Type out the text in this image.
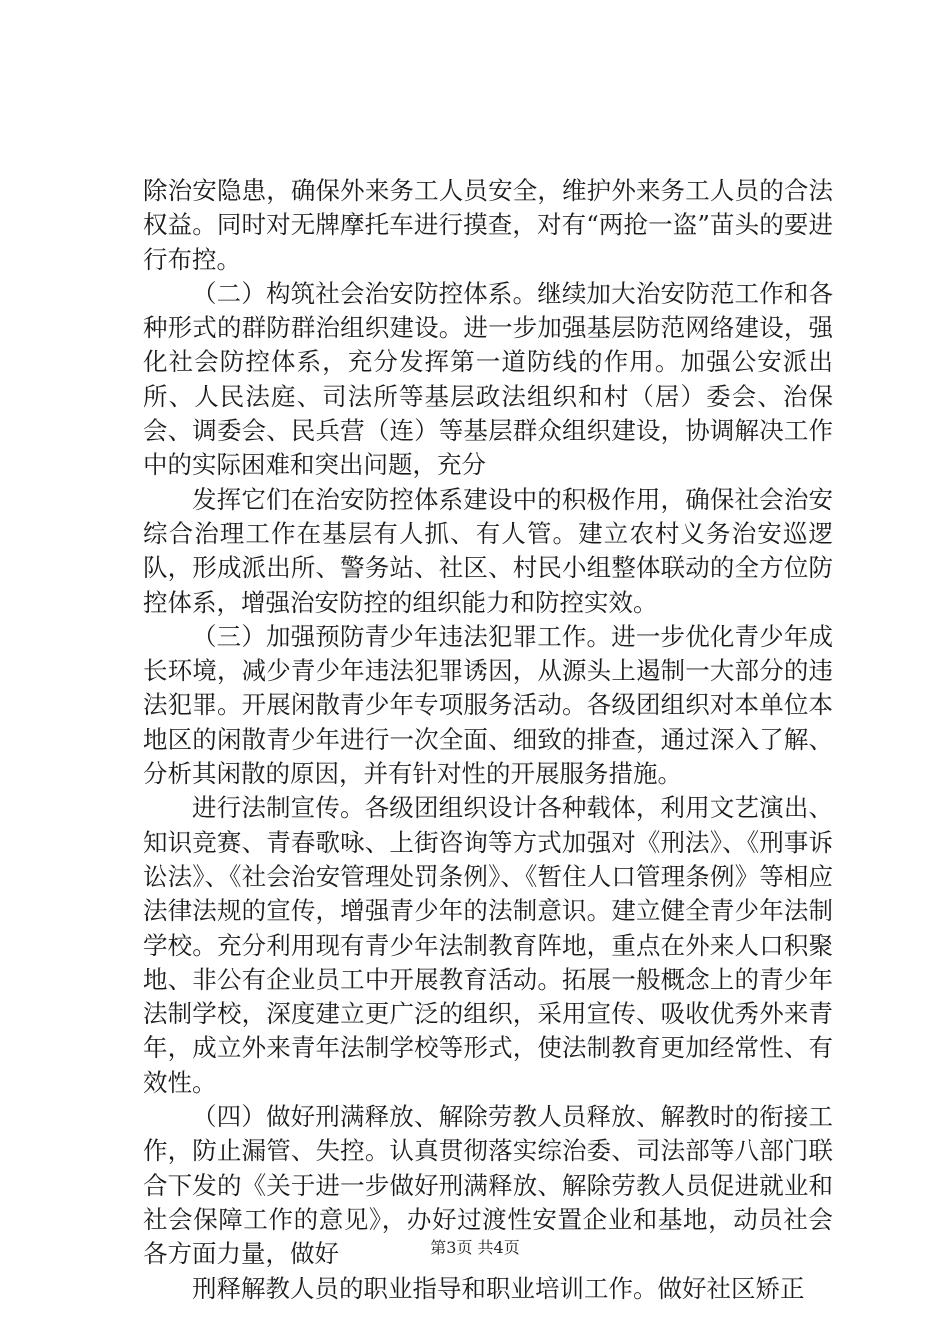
除治安隐患，确保外来务工人员安全，维护外来务工人员的合法权益。同时对无牌摩托车进行摸查，对有“两抢一盗”苗头的要进行布控。

（二）构筑社会治安防控体系。继续加大治安防范工作和各种形式的群防群治组织建设。进一步加强基层防范网络建设，强化社会防控体系，充分发挥第一道防线的作用。加强公安派出所、人民法庭、司法所等基层政法组织和村（居）委会、治保会、调委会、民兵营（连）等基层群众组织建设，协调解决工作中的实际困难和突出问题，充分

发挥它们在治安防控体系建设中的积极作用，确保社会治安综合治理工作在基层有人抓、有人管。建立农村义务治安巡逻队，形成派出所、警务站、社区、村民小组整体联动的全方位防控体系，增强治安防控的组织能力和防控实效。

（三）加强预防青少年违法犯罪工作。进一步优化青少年成长环境，减少青少年违法犯罪诱因，从源头上遏制一大部分的违法犯罪。开展闲散青少年专项服务活动。各级团组织对本单位本地区的闲散青少年进行一次全面、细致的排查，通过深入了解、分析其闲散的原因，并有针对性的开展服务措施。

进行法制宣传。各级团组织设计各种载体，利用文艺演出、知识竞赛、青春歌咏、上街咨询等方式加强对《刑法》、《刑事诉讼法》、《社会治安管理处罚条例》、《暂住人口管理条例》等相应法律法规的宣传，增强青少年的法制意识。建立健全青少年法制学校。充分利用现有青少年法制教育阵地，重点在外来人口积聚地、非公有企业员工中开展教育活动。拓展一般概念上的青少年法制学校，深度建立更广泛的组织，采用宣传、吸收优秀外来青年，成立外来青年法制学校等形式，使法制教育更加经常性、有效性。

（四）做好刑满释放、解除劳教人员释放、解教时的衔接工作，防止漏管、失控。认真贯彻落实综治委、司法部等八部门联合下发的《关于进一步做好刑满释放、解除劳教人员促进就业和社会保障工作的意见》，办好过渡性安置企业和基地，动员社会各方面力量，做好

刑释解教人员的职业指导和职业培训工作。做好社区矫正

第3页 共4页
